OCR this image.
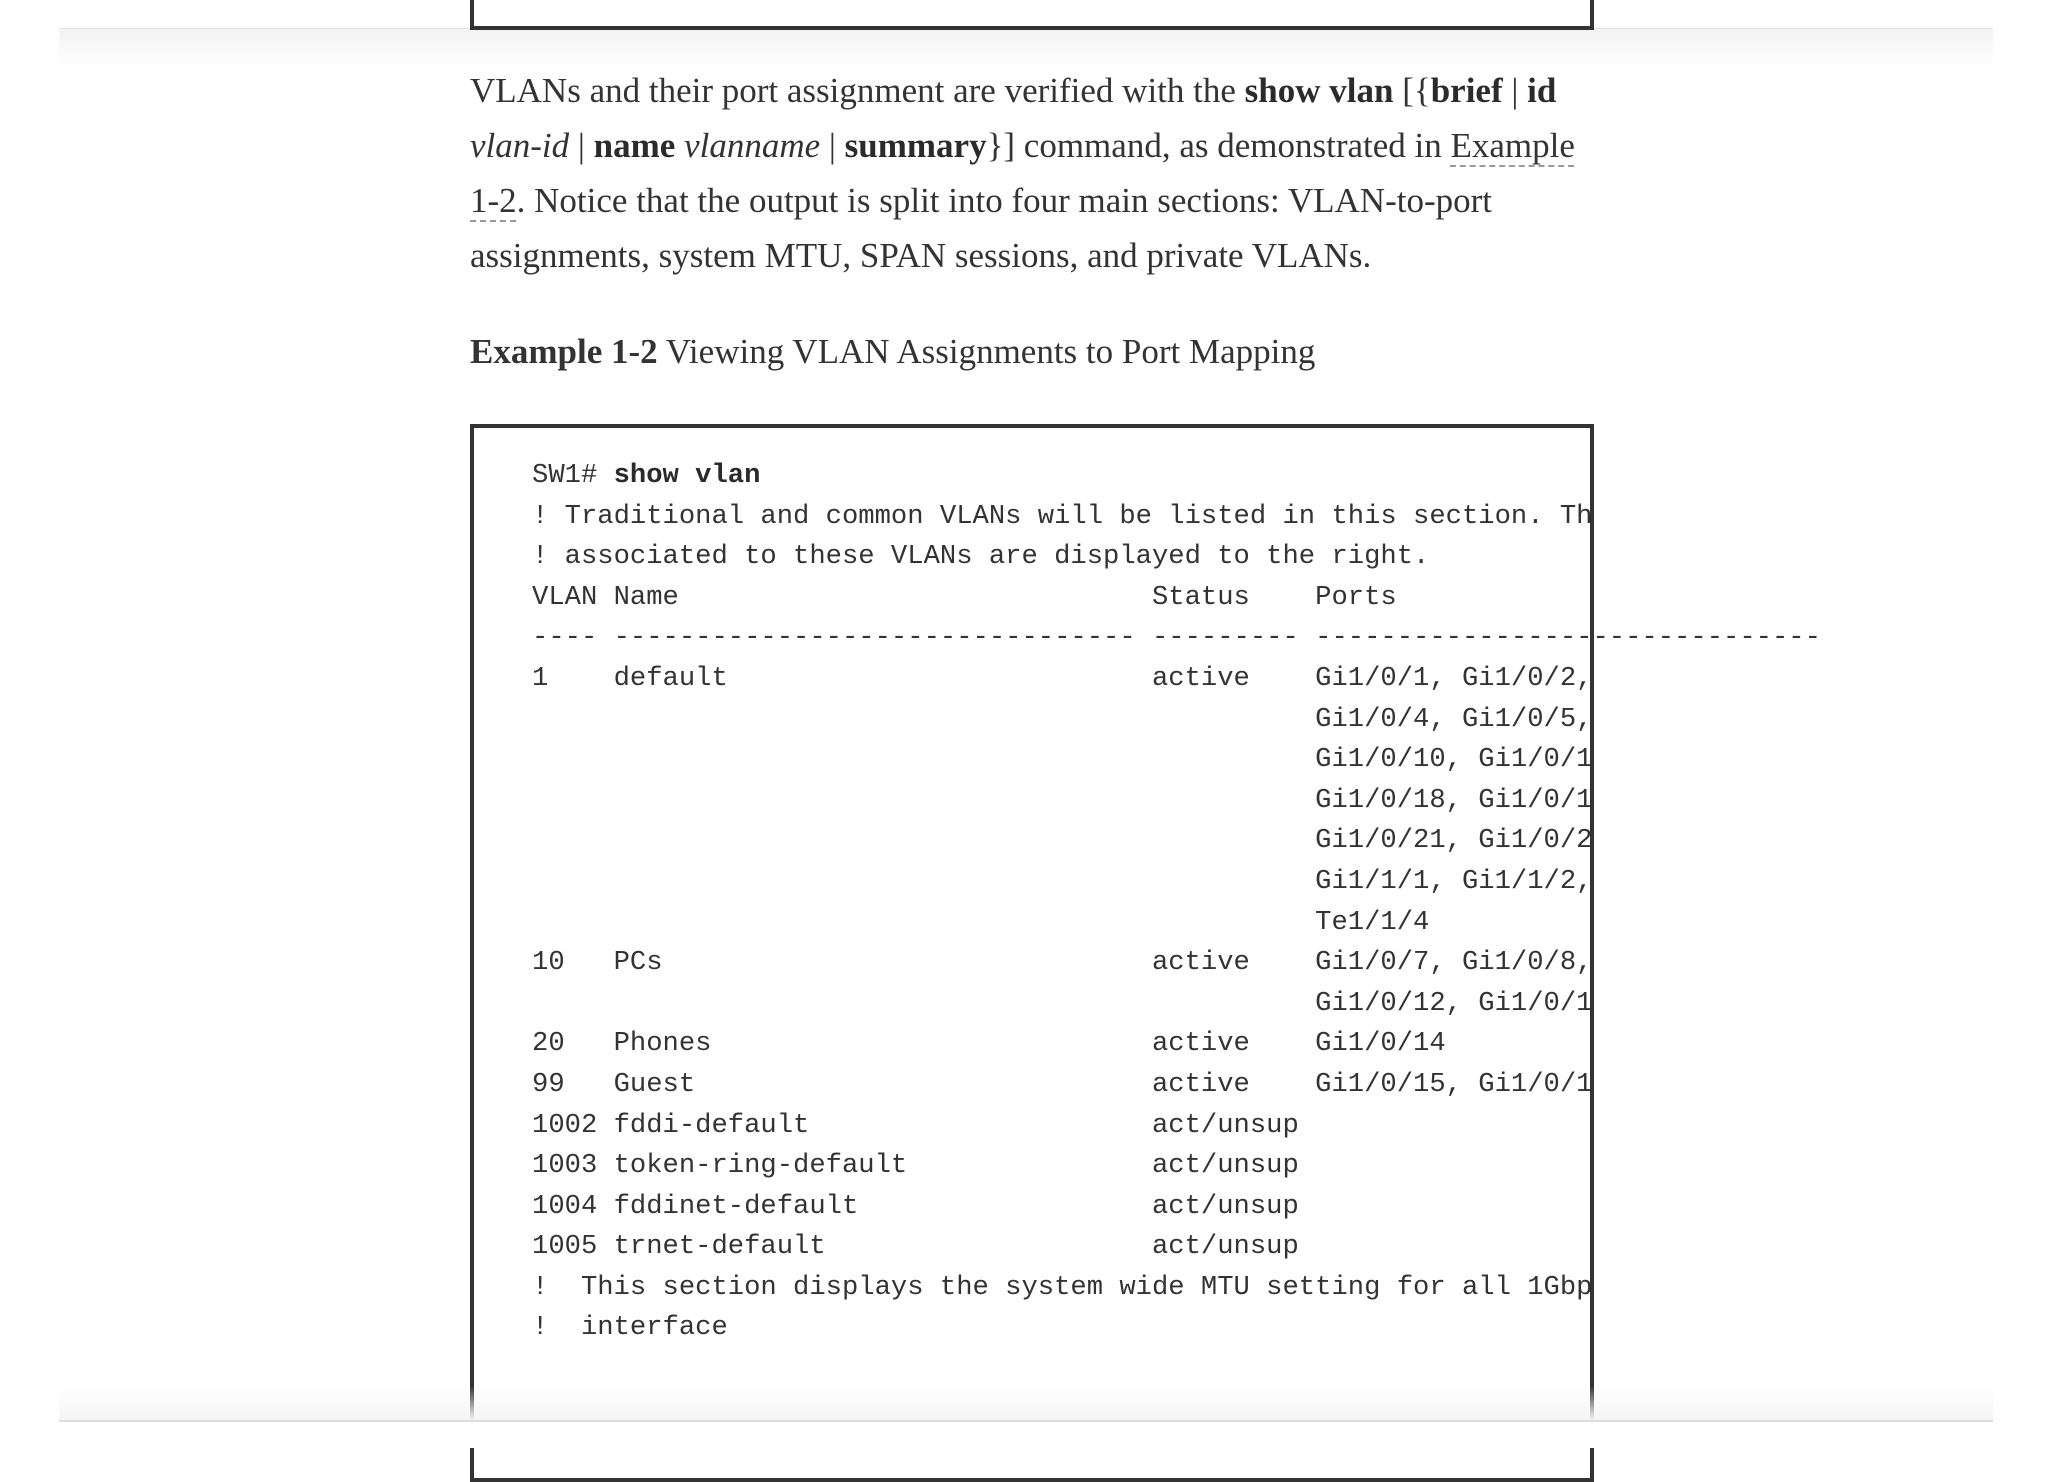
VLANs and their port assignment are verified with the show vlan [{brief | id vlan-id | name vlanname | summary}] command, as demonstrated in Example 1-2. Notice that the output is split into four main sections: VLAN-to-port assignments, system MTU, SPAN sessions, and private VLANs.

Example 1-2 Viewing VLAN Assignments to Port Mapping

SW1# show vlan
! Traditional and common VLANs will be listed in this section. Th
! associated to these VLANs are displayed to the right.
VLAN Name                             Status    Ports
---- -------------------------------- --------- -------------------------------
1    default                          active    Gi1/0/1, Gi1/0/2,
Gi1/0/4, Gi1/0/5,
Gi1/0/10, Gi1/0/1
Gi1/0/18, Gi1/0/1
Gi1/0/21, Gi1/0/2
Gi1/1/1, Gi1/1/2,
Te1/1/4
10   PCs                              active    Gi1/0/7, Gi1/0/8,
Gi1/0/12, Gi1/0/1
20   Phones                           active    Gi1/0/14
99   Guest                            active    Gi1/0/15, Gi1/0/1
1002 fddi-default                     act/unsup
1003 token-ring-default               act/unsup
1004 fddinet-default                  act/unsup
1005 trnet-default                    act/unsup
!  This section displays the system wide MTU setting for all 1Gbp
!  interface
